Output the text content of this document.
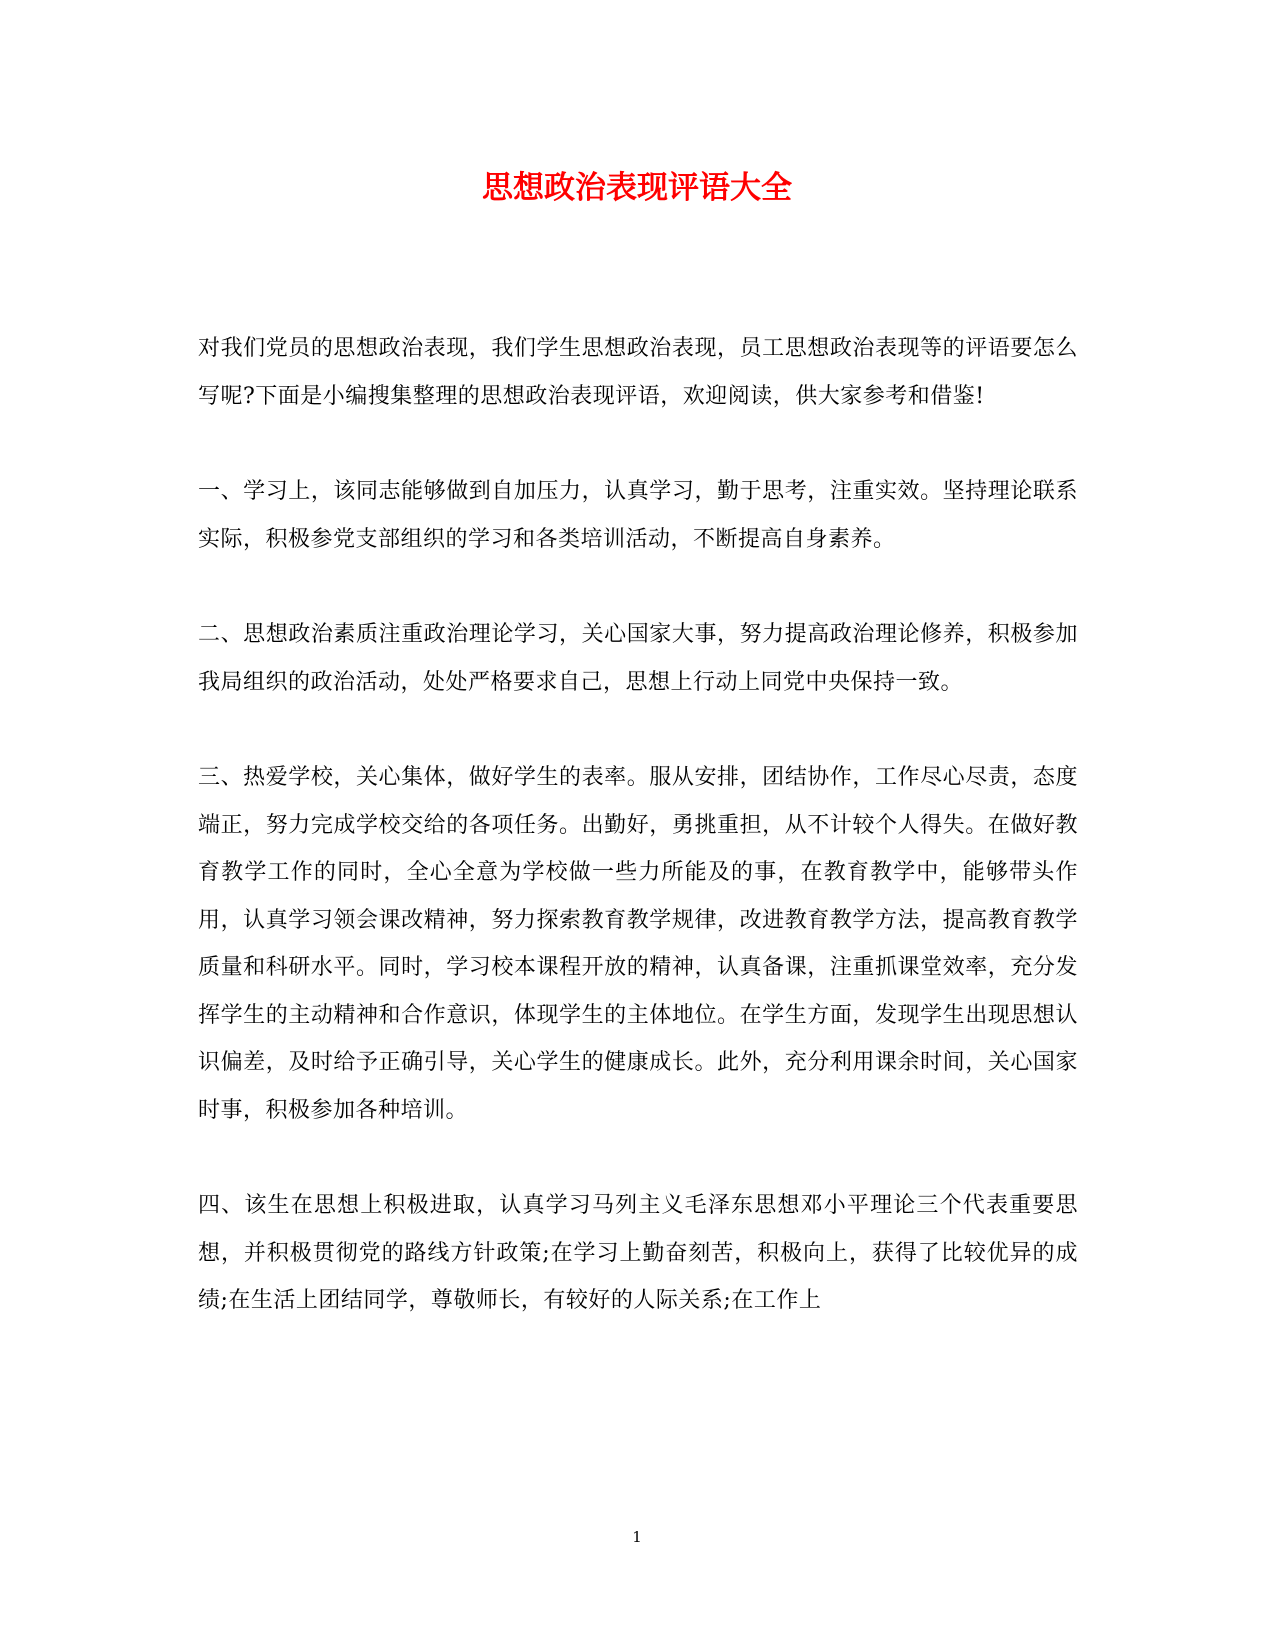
思想政治表现评语大全

对我们党员的思想政治表现，我们学生思想政治表现，员工思想政治表现等的评语要怎么写呢?下面是小编搜集整理的思想政治表现评语，欢迎阅读，供大家参考和借鉴!

一、学习上，该同志能够做到自加压力，认真学习，勤于思考，注重实效。坚持理论联系实际，积极参党支部组织的学习和各类培训活动，不断提高自身素养。

二、思想政治素质注重政治理论学习，关心国家大事，努力提高政治理论修养，积极参加我局组织的政治活动，处处严格要求自己，思想上行动上同党中央保持一致。

三、热爱学校，关心集体，做好学生的表率。服从安排，团结协作，工作尽心尽责，态度端正，努力完成学校交给的各项任务。出勤好，勇挑重担，从不计较个人得失。在做好教育教学工作的同时，全心全意为学校做一些力所能及的事，在教育教学中，能够带头作用，认真学习领会课改精神，努力探索教育教学规律，改进教育教学方法，提高教育教学质量和科研水平。同时，学习校本课程开放的精神，认真备课，注重抓课堂效率，充分发挥学生的主动精神和合作意识，体现学生的主体地位。在学生方面，发现学生出现思想认识偏差，及时给予正确引导，关心学生的健康成长。此外，充分利用课余时间，关心国家时事，积极参加各种培训。

四、该生在思想上积极进取，认真学习马列主义毛泽东思想邓小平理论三个代表重要思想，并积极贯彻党的路线方针政策;在学习上勤奋刻苦，积极向上，获得了比较优异的成绩;在生活上团结同学，尊敬师长，有较好的人际关系;在工作上

1
